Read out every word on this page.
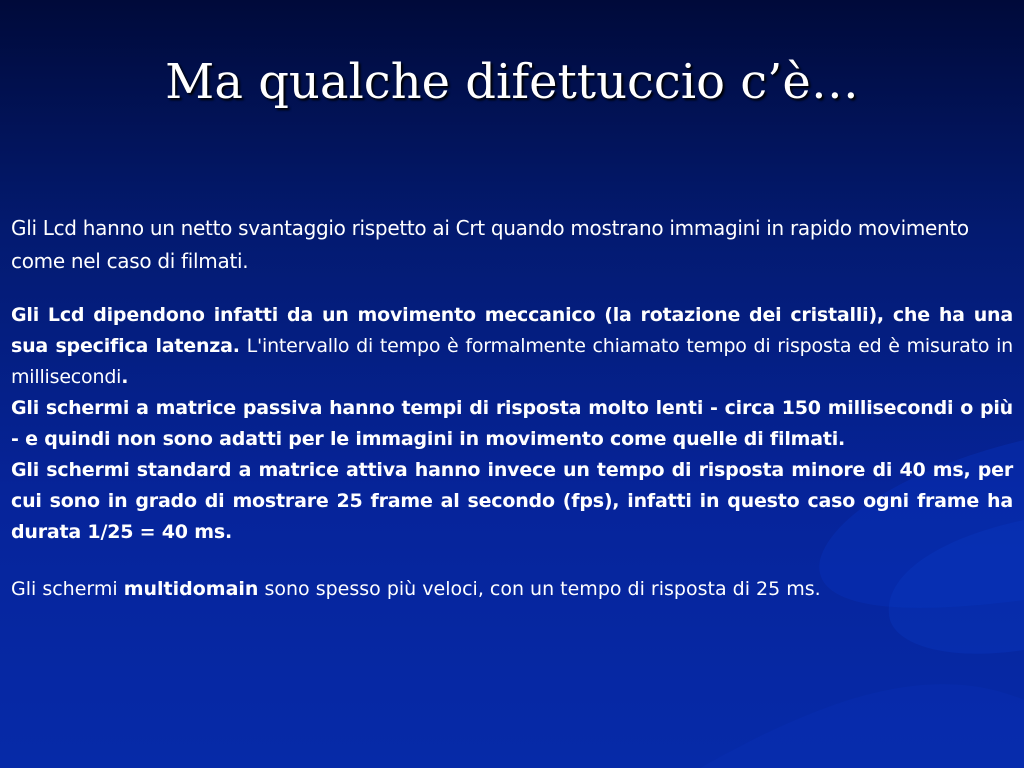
Ma qualche difettuccio c’è…

Gli Lcd hanno un netto svantaggio rispetto ai Crt quando mostrano immagini in rapido movimento come nel caso di filmati.

Gli Lcd dipendono infatti da un movimento meccanico (la rotazione dei cristalli), che ha una sua specifica latenza. L'intervallo di tempo è formalmente chiamato tempo di risposta ed è misurato in millisecondi.

Gli schermi a matrice passiva hanno tempi di risposta molto lenti - circa 150 millisecondi o più - e quindi non sono adatti per le immagini in movimento come quelle di filmati.

Gli schermi standard a matrice attiva hanno invece un tempo di risposta minore di 40 ms, per cui sono in grado di mostrare 25 frame al secondo (fps), infatti in questo caso ogni frame ha durata 1/25 = 40 ms.

Gli schermi multidomain sono spesso più veloci, con un tempo di risposta di 25 ms.
